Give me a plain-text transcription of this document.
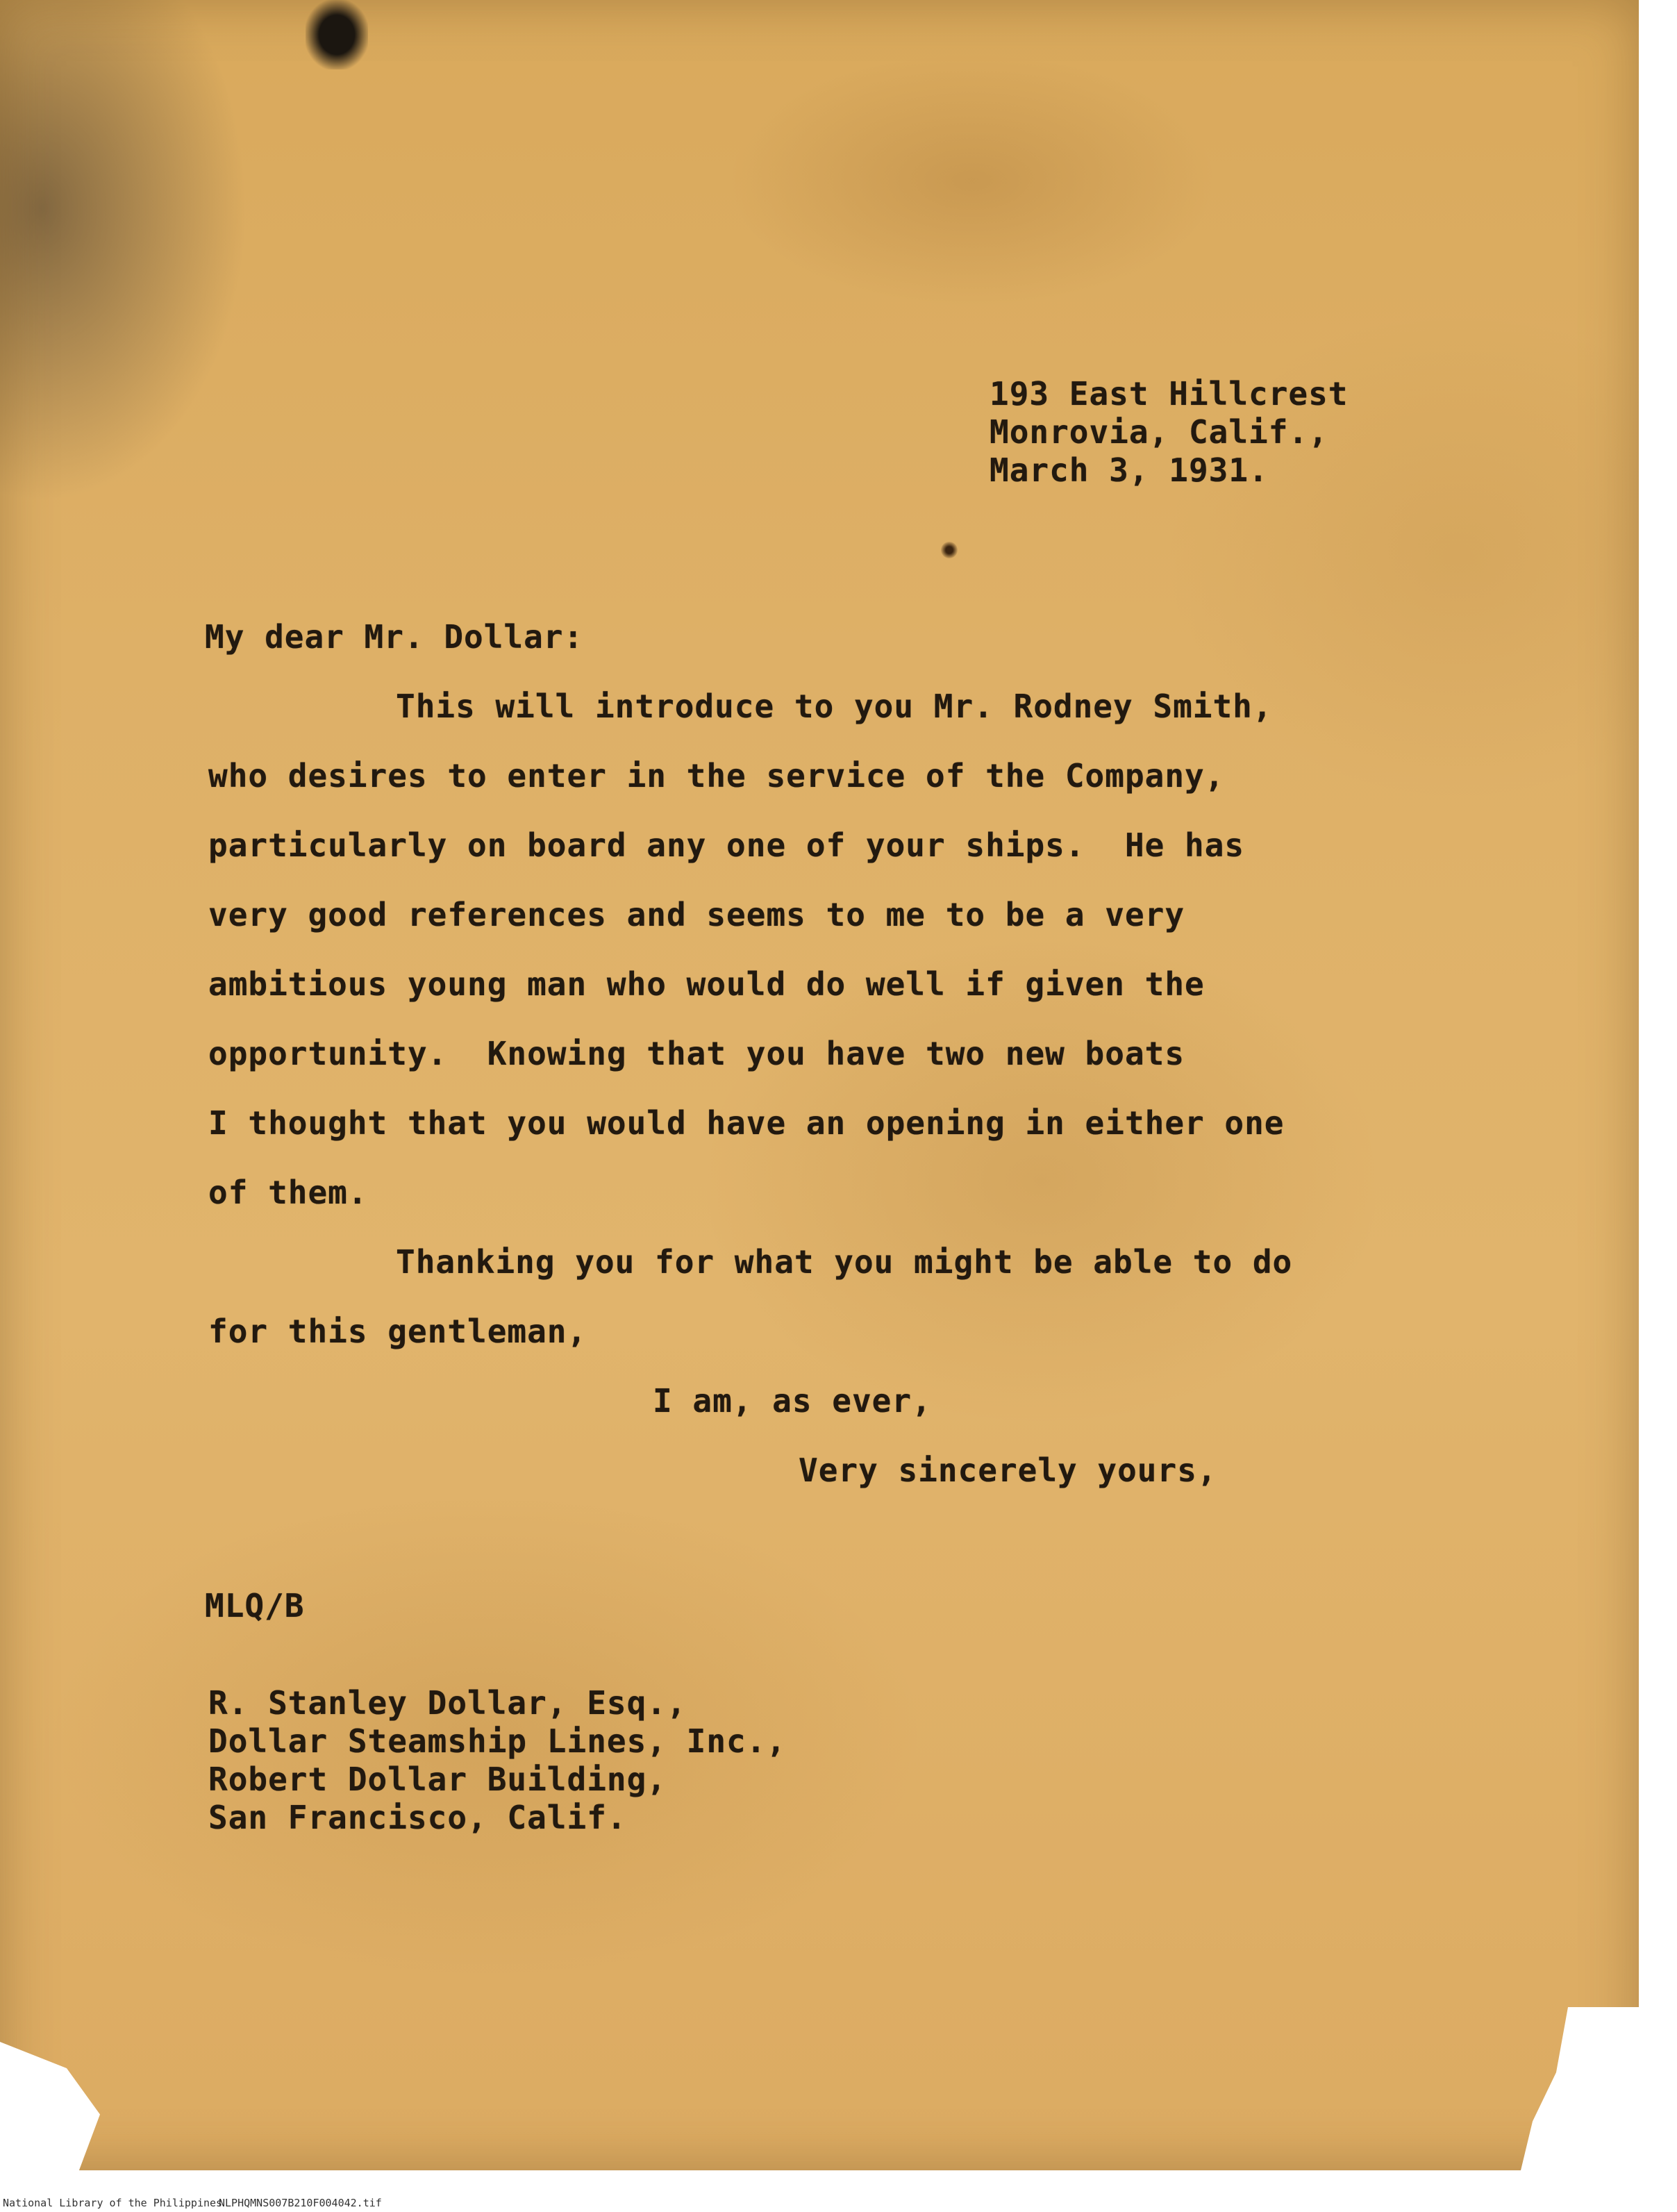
193 East Hillcrest
Monrovia, Calif.,
March 3, 1931.
My dear Mr. Dollar:
This will introduce to you Mr. Rodney Smith,
who desires to enter in the service of the Company,
particularly on board any one of your ships.  He has
very good references and seems to me to be a very
ambitious young man who would do well if given the
opportunity.  Knowing that you have two new boats
I thought that you would have an opening in either one
of them.
Thanking you for what you might be able to do
for this gentleman,
I am, as ever,
Very sincerely yours,
MLQ/B
R. Stanley Dollar, Esq.,
Dollar Steamship Lines, Inc.,
Robert Dollar Building,
San Francisco, Calif.
National Library of the Philippines
NLPHQMNS007B210F004042.tif
